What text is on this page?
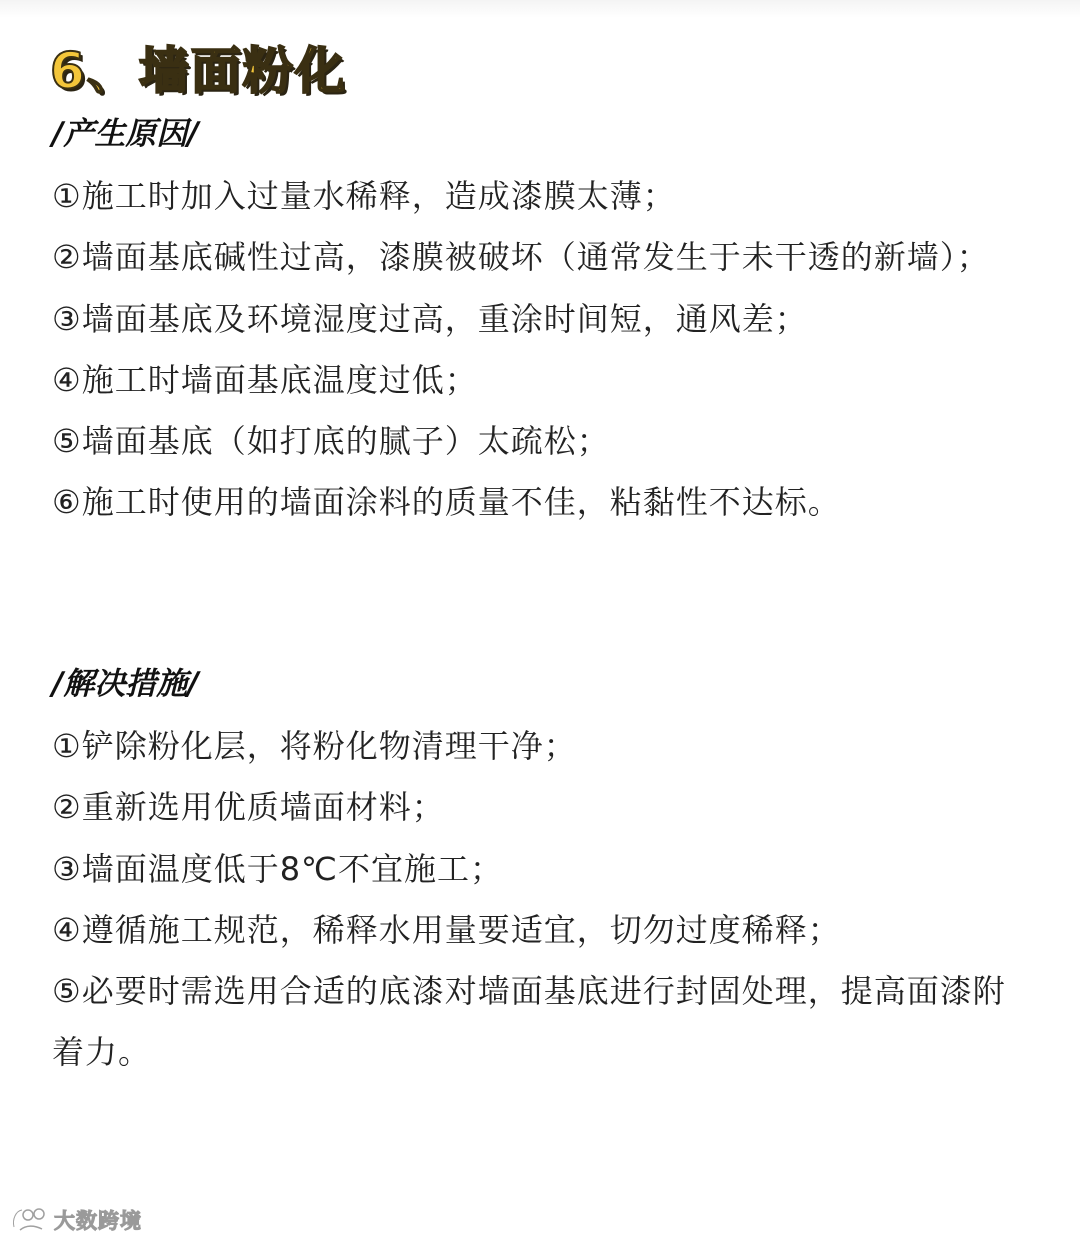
6、墙面粉化
/产生原因/
①施工时加入过量水稀释，造成漆膜太薄；
②墙面基底碱性过高，漆膜被破坏（通常发生于未干透的新墙）；
③墙面基底及环境湿度过高，重涂时间短，通风差；
④施工时墙面基底温度过低；
⑤墙面基底（如打底的腻子）太疏松；
⑥施工时使用的墙面涂料的质量不佳，粘黏性不达标。
/解决措施/
①铲除粉化层，将粉化物清理干净；
②重新选用优质墙面材料；
③墙面温度低于8℃不宜施工；
④遵循施工规范，稀释水用量要适宜，切勿过度稀释；
⑤必要时需选用合适的底漆对墙面基底进行封固处理，提高面漆附着力。
大数跨境
